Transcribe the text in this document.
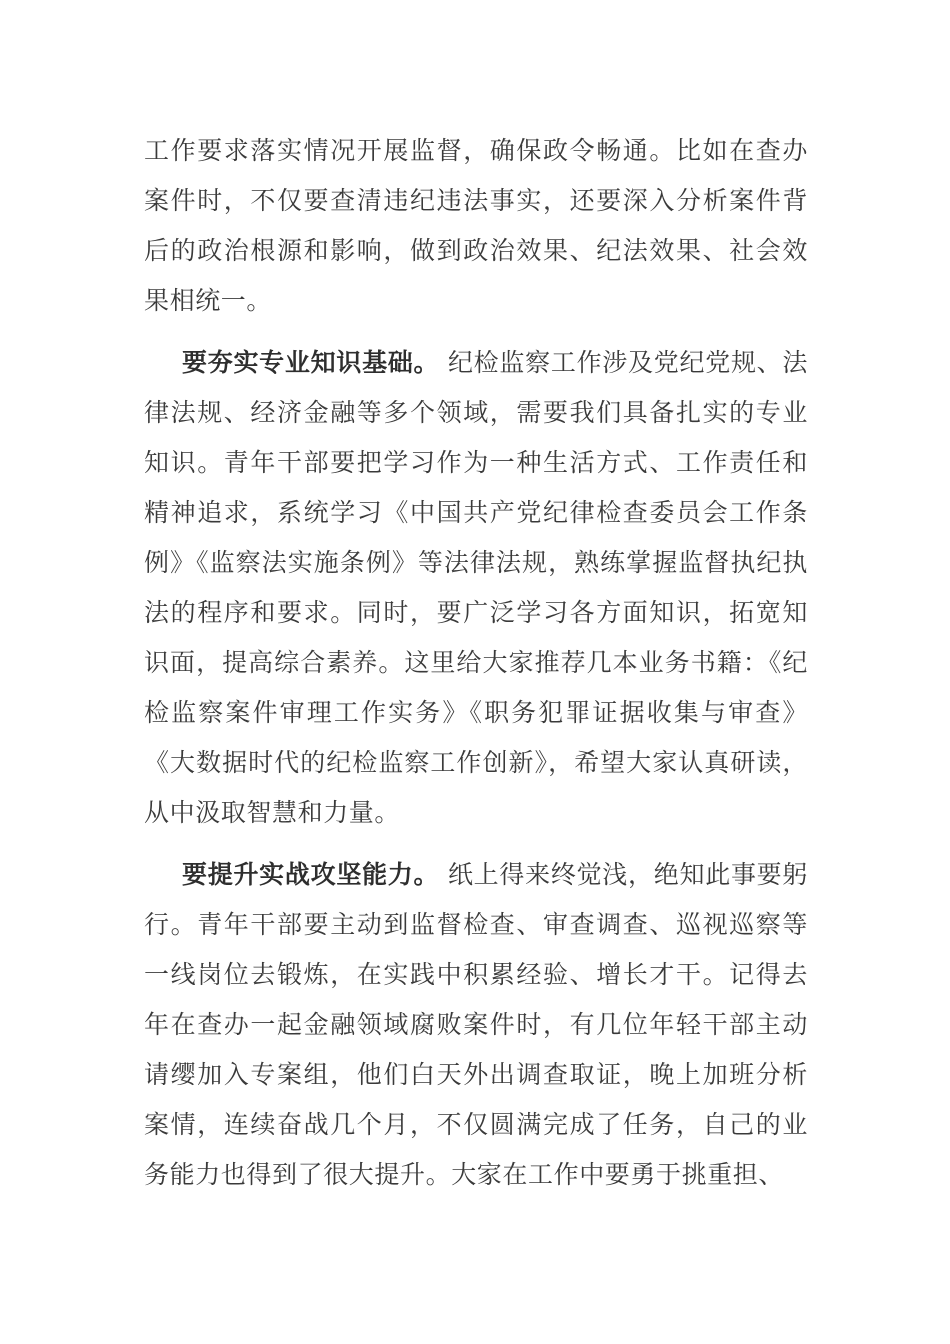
工作要求落实情况开展监督，确保政令畅通。比如在查办案件时，不仅要查清违纪违法事实，还要深入分析案件背后的政治根源和影响，做到政治效果、纪法效果、社会效果相统一。

要夯实专业知识基础。 纪检监察工作涉及党纪党规、法律法规、经济金融等多个领域，需要我们具备扎实的专业知识。青年干部要把学习作为一种生活方式、工作责任和精神追求，系统学习《中国共产党纪律检查委员会工作条例》《监察法实施条例》等法律法规，熟练掌握监督执纪执法的程序和要求。同时，要广泛学习各方面知识，拓宽知识面，提高综合素养。这里给大家推荐几本业务书籍：《纪检监察案件审理工作实务》《职务犯罪证据收集与审查》《大数据时代的纪检监察工作创新》，希望大家认真研读，从中汲取智慧和力量。

要提升实战攻坚能力。 纸上得来终觉浅，绝知此事要躬行。青年干部要主动到监督检查、审查调查、巡视巡察等一线岗位去锻炼，在实践中积累经验、增长才干。记得去年在查办一起金融领域腐败案件时，有几位年轻干部主动请缨加入专案组，他们白天外出调查取证，晚上加班分析案情，连续奋战几个月，不仅圆满完成了任务，自己的业务能力也得到了很大提升。大家在工作中要勇于挑重担、
